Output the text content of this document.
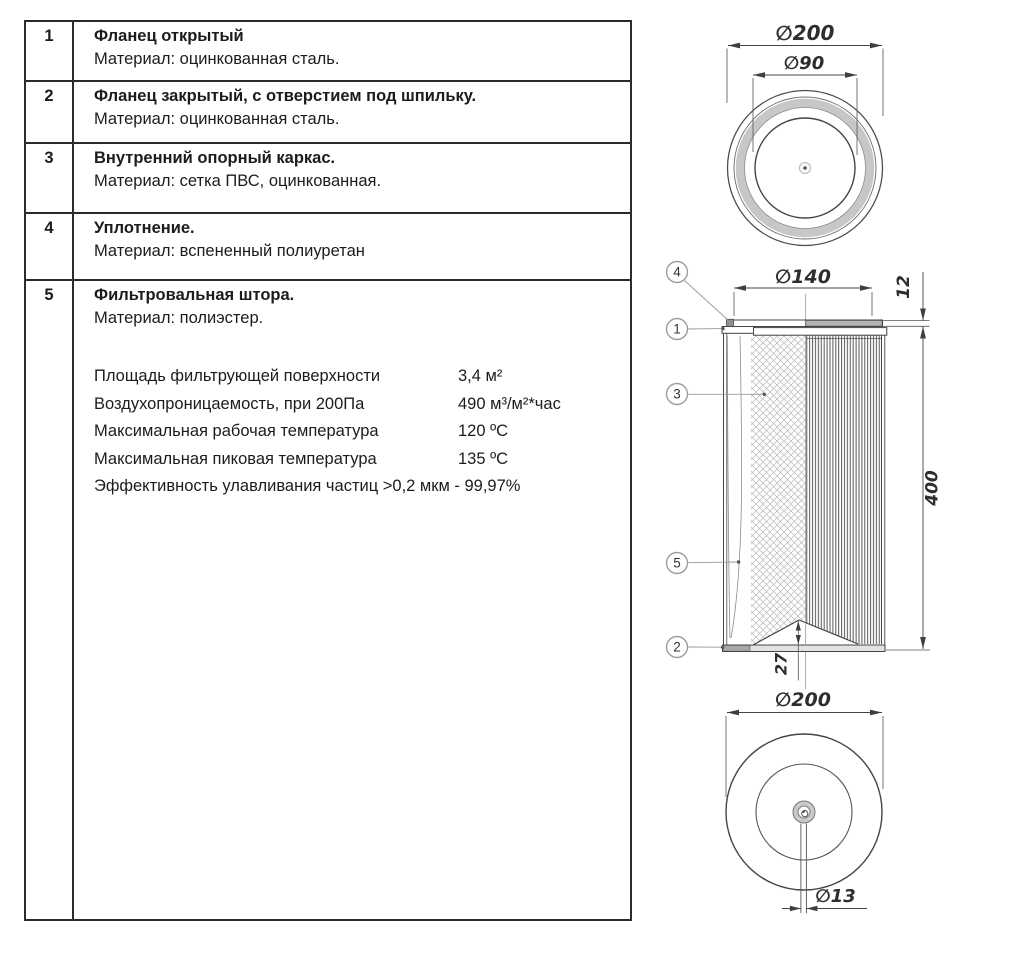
1	Фланец открытый
Материал: оцинкованная сталь.
2	Фланец закрытый, с отверстием под шпильку.
Материал: оцинкованная сталь.
3	Внутренний опорный каркас.
Материал: сетка ПВС, оцинкованная.
4	Уплотнение.
Материал: вспененный полиуретан
5	Фильтровальная штора.
Материал: полиэстер.
Площадь фильтрующей поверхности	3,4 м²
Воздухопроницаемость, при 200Па	490 м³/м²*час
Максимальная рабочая температура	120 ºС
Максимальная пиковая температура	135 ºС
Эффективность улавливания частиц >0,2 мкм - 99,97%
∅200
∅90
∅140	12
400
27
4
1
3
5
2
∅200
∅13
